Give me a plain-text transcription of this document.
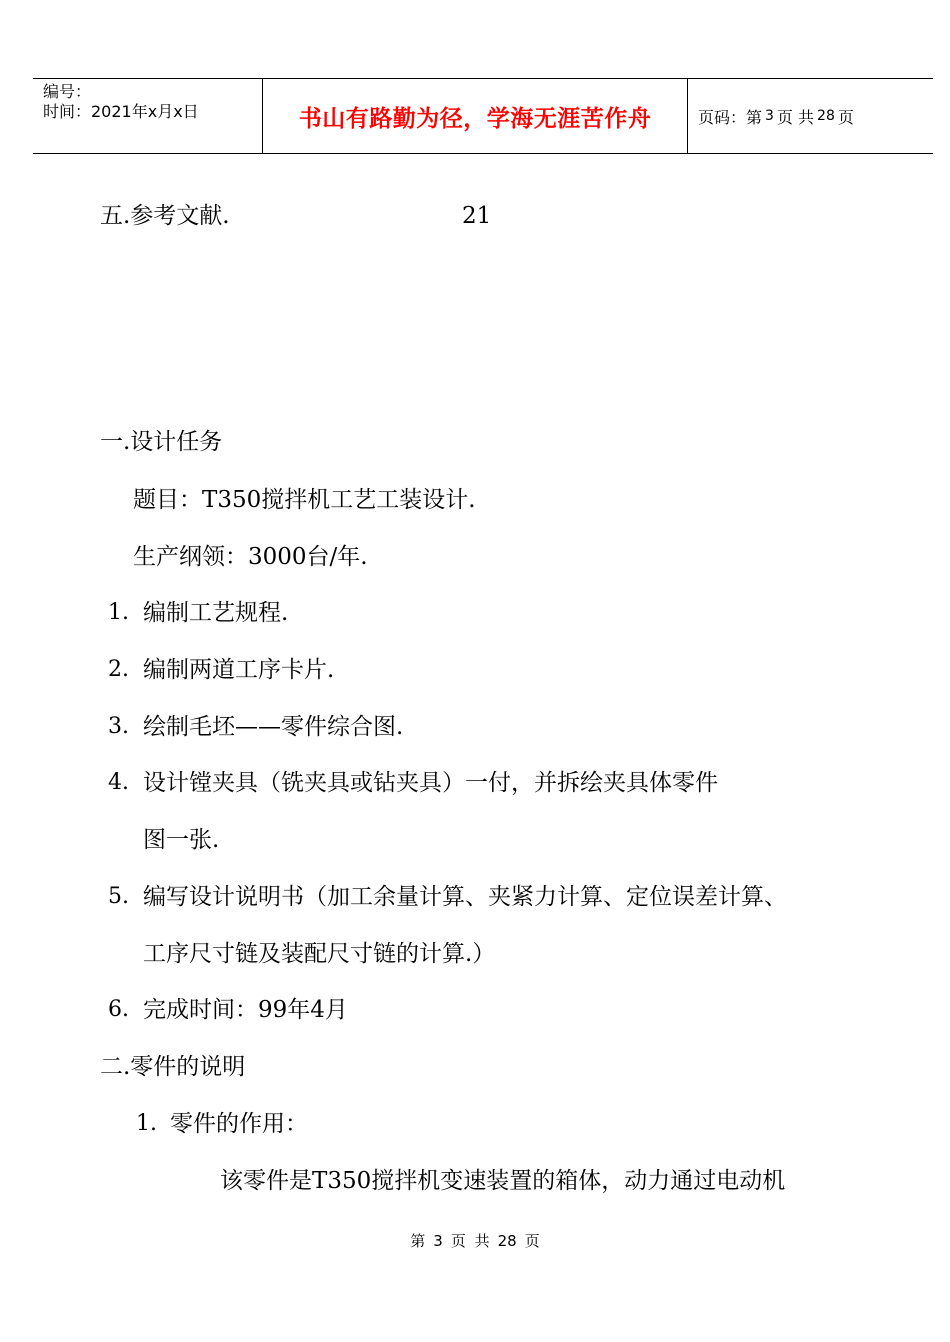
编号：
时间：2021年x月x日	书山有路勤为径，学海无涯苦作舟	页码：第 3 页 共 28 页
五.参考文献.	21
一.设计任务
题目：T350搅拌机工艺工装设计.
生产纲领：3000台/年.
1. 编制工艺规程.
2. 编制两道工序卡片.
3. 绘制毛坯——零件综合图.
4. 设计镗夹具（铣夹具或钻夹具）一付，并拆绘夹具体零件
图一张.
5. 编写设计说明书（加工余量计算、夹紧力计算、定位误差计算、
工序尺寸链及装配尺寸链的计算.）
6. 完成时间：99年4月
二.零件的说明
1. 零件的作用：
该零件是T350搅拌机变速装置的箱体，动力通过电动机
第 3 页 共 28 页
